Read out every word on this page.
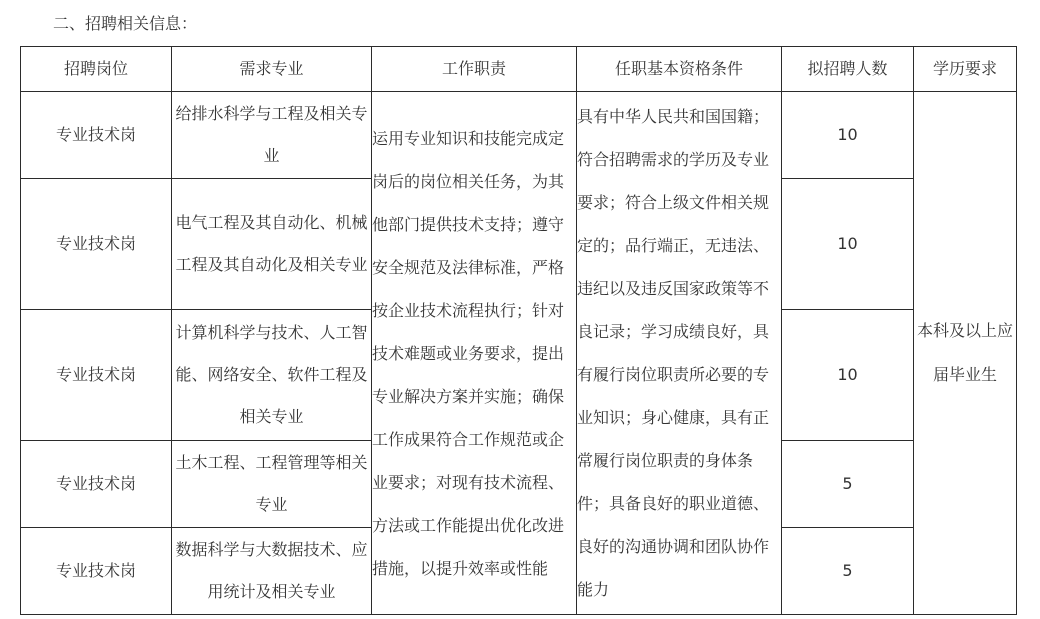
二、招聘相关信息：
招聘岗位	需求专业	工作职责	任职基本资格条件	拟招聘人数	学历要求
专业技术岗	给排水科学与工程及相关专业	运用专业知识和技能完成定岗后的岗位相关任务，为其他部门提供技术支持；遵守安全规范及法律标准，严格按企业技术流程执行；针对技术难题或业务要求，提出专业解决方案并实施；确保工作成果符合工作规范或企业要求；对现有技术流程、方法或工作能提出优化改进措施，以提升效率或性能	具有中华人民共和国国籍；符合招聘需求的学历及专业要求；符合上级文件相关规定的；品行端正，无违法、违纪以及违反国家政策等不良记录；学习成绩良好，具有履行岗位职责所必要的专业知识；身心健康，具有正常履行岗位职责的身体条件；具备良好的职业道德、良好的沟通协调和团队协作能力	10	本科及以上应届毕业生
专业技术岗	电气工程及其自动化、机械工程及其自动化及相关专业			10	
专业技术岗	计算机科学与技术、人工智能、网络安全、软件工程及相关专业			10	
专业技术岗	土木工程、工程管理等相关专业			5	
专业技术岗	数据科学与大数据技术、应用统计及相关专业			5	
